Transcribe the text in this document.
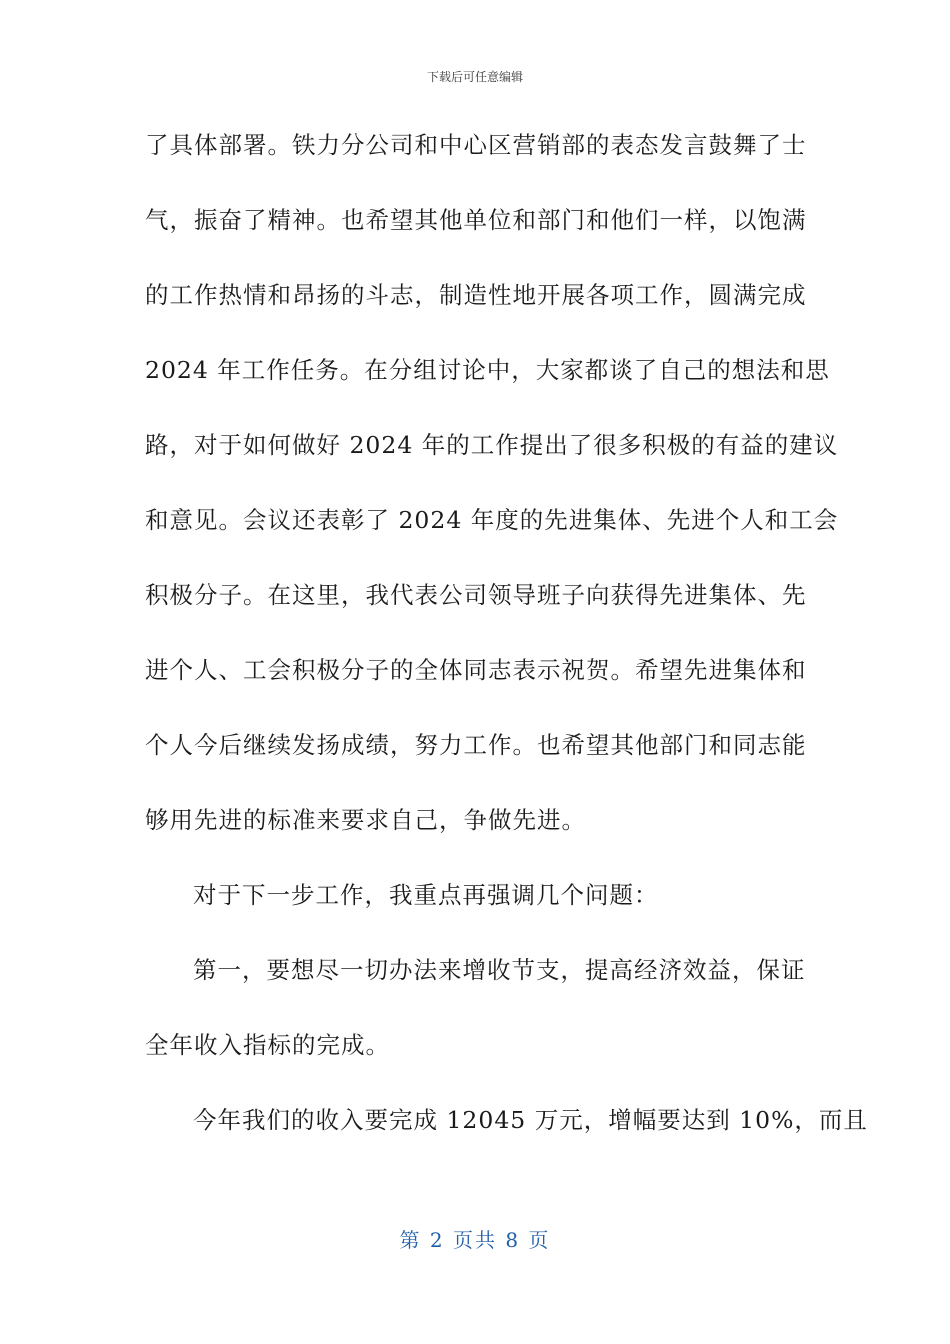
下载后可任意编辑
了具体部署。铁力分公司和中心区营销部的表态发言鼓舞了士
气，振奋了精神。也希望其他单位和部门和他们一样，以饱满
的工作热情和昂扬的斗志，制造性地开展各项工作，圆满完成
2024 年工作任务。在分组讨论中，大家都谈了自己的想法和思
路，对于如何做好 2024 年的工作提出了很多积极的有益的建议
和意见。会议还表彰了 2024 年度的先进集体、先进个人和工会
积极分子。在这里，我代表公司领导班子向获得先进集体、先
进个人、工会积极分子的全体同志表示祝贺。希望先进集体和
个人今后继续发扬成绩，努力工作。也希望其他部门和同志能
够用先进的标准来要求自己，争做先进。
对于下一步工作，我重点再强调几个问题：
第一，要想尽一切办法来增收节支，提高经济效益，保证
全年收入指标的完成。
今年我们的收入要完成 12045 万元，增幅要达到 10%，而且
第 2 页共 8 页
